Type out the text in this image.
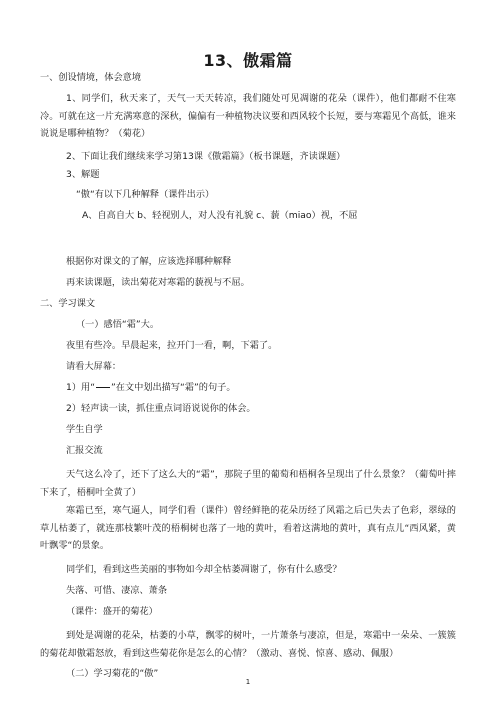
13、傲霜篇
一、创设情境，体会意境
根据你对课文的了解，应该选择哪种解释
再来读课题，读出菊花对寒霜的藐视与不屈。
二、学习课文
（一）感悟“霜”大。
夜里有些冷。早晨起来，拉开门一看，啊，下霜了。
请看大屏幕：
2）轻声读一读，抓住重点词语说说你的体会。
学生自学
汇报交流
同学们，看到这些美丽的事物如今却全枯萎凋谢了，你有什么感受？
失落、可惜、凄凉、萧条
（课件：盛开的菊花）
（二）学习菊花的“傲”
1、同学们，秋天来了，天气一天天转凉，我们随处可见凋谢的花朵（课件），他们都耐不住寒冷。可就在这一片充满寒意的深秋，偏偏有一种植物决议要和西风较个长短，要与寒霜见个高低，谁来说说是哪种植物？（菊花）
2、下面让我们继续来学习第13课《傲霜篇》（板书课题，齐读课题）
3、解题
“傲“有以下几种解释（课件出示）
A、自高自大 b、轻视别人，对人没有礼貌 c、藐（miao）视，不屈
天气这么冷了，还下了这么大的“霜”，那院子里的葡萄和梧桐各呈现出了什么景象？（葡萄叶摔下来了，梧桐叶全黄了）
寒霜已至，寒气逼人，同学们看（课件）曾经鲜艳的花朵历经了风霜之后已失去了色彩，翠绿的草儿枯萎了，就连那枝繁叶茂的梧桐树也落了一地的黄叶，看着这满地的黄叶，真有点儿“西风紧，黄叶飘零“的景象。
到处是凋谢的花朵，枯萎的小草，飘零的树叶，一片萧条与凄凉，但是，寒霜中一朵朵、一簇簇的菊花却傲霜怒放，看到这些菊花你是怎么的心情？（激动、喜悦、惊喜、感动、佩服）
1）用“ ”在文中划出描写“霜”的句子。
1
